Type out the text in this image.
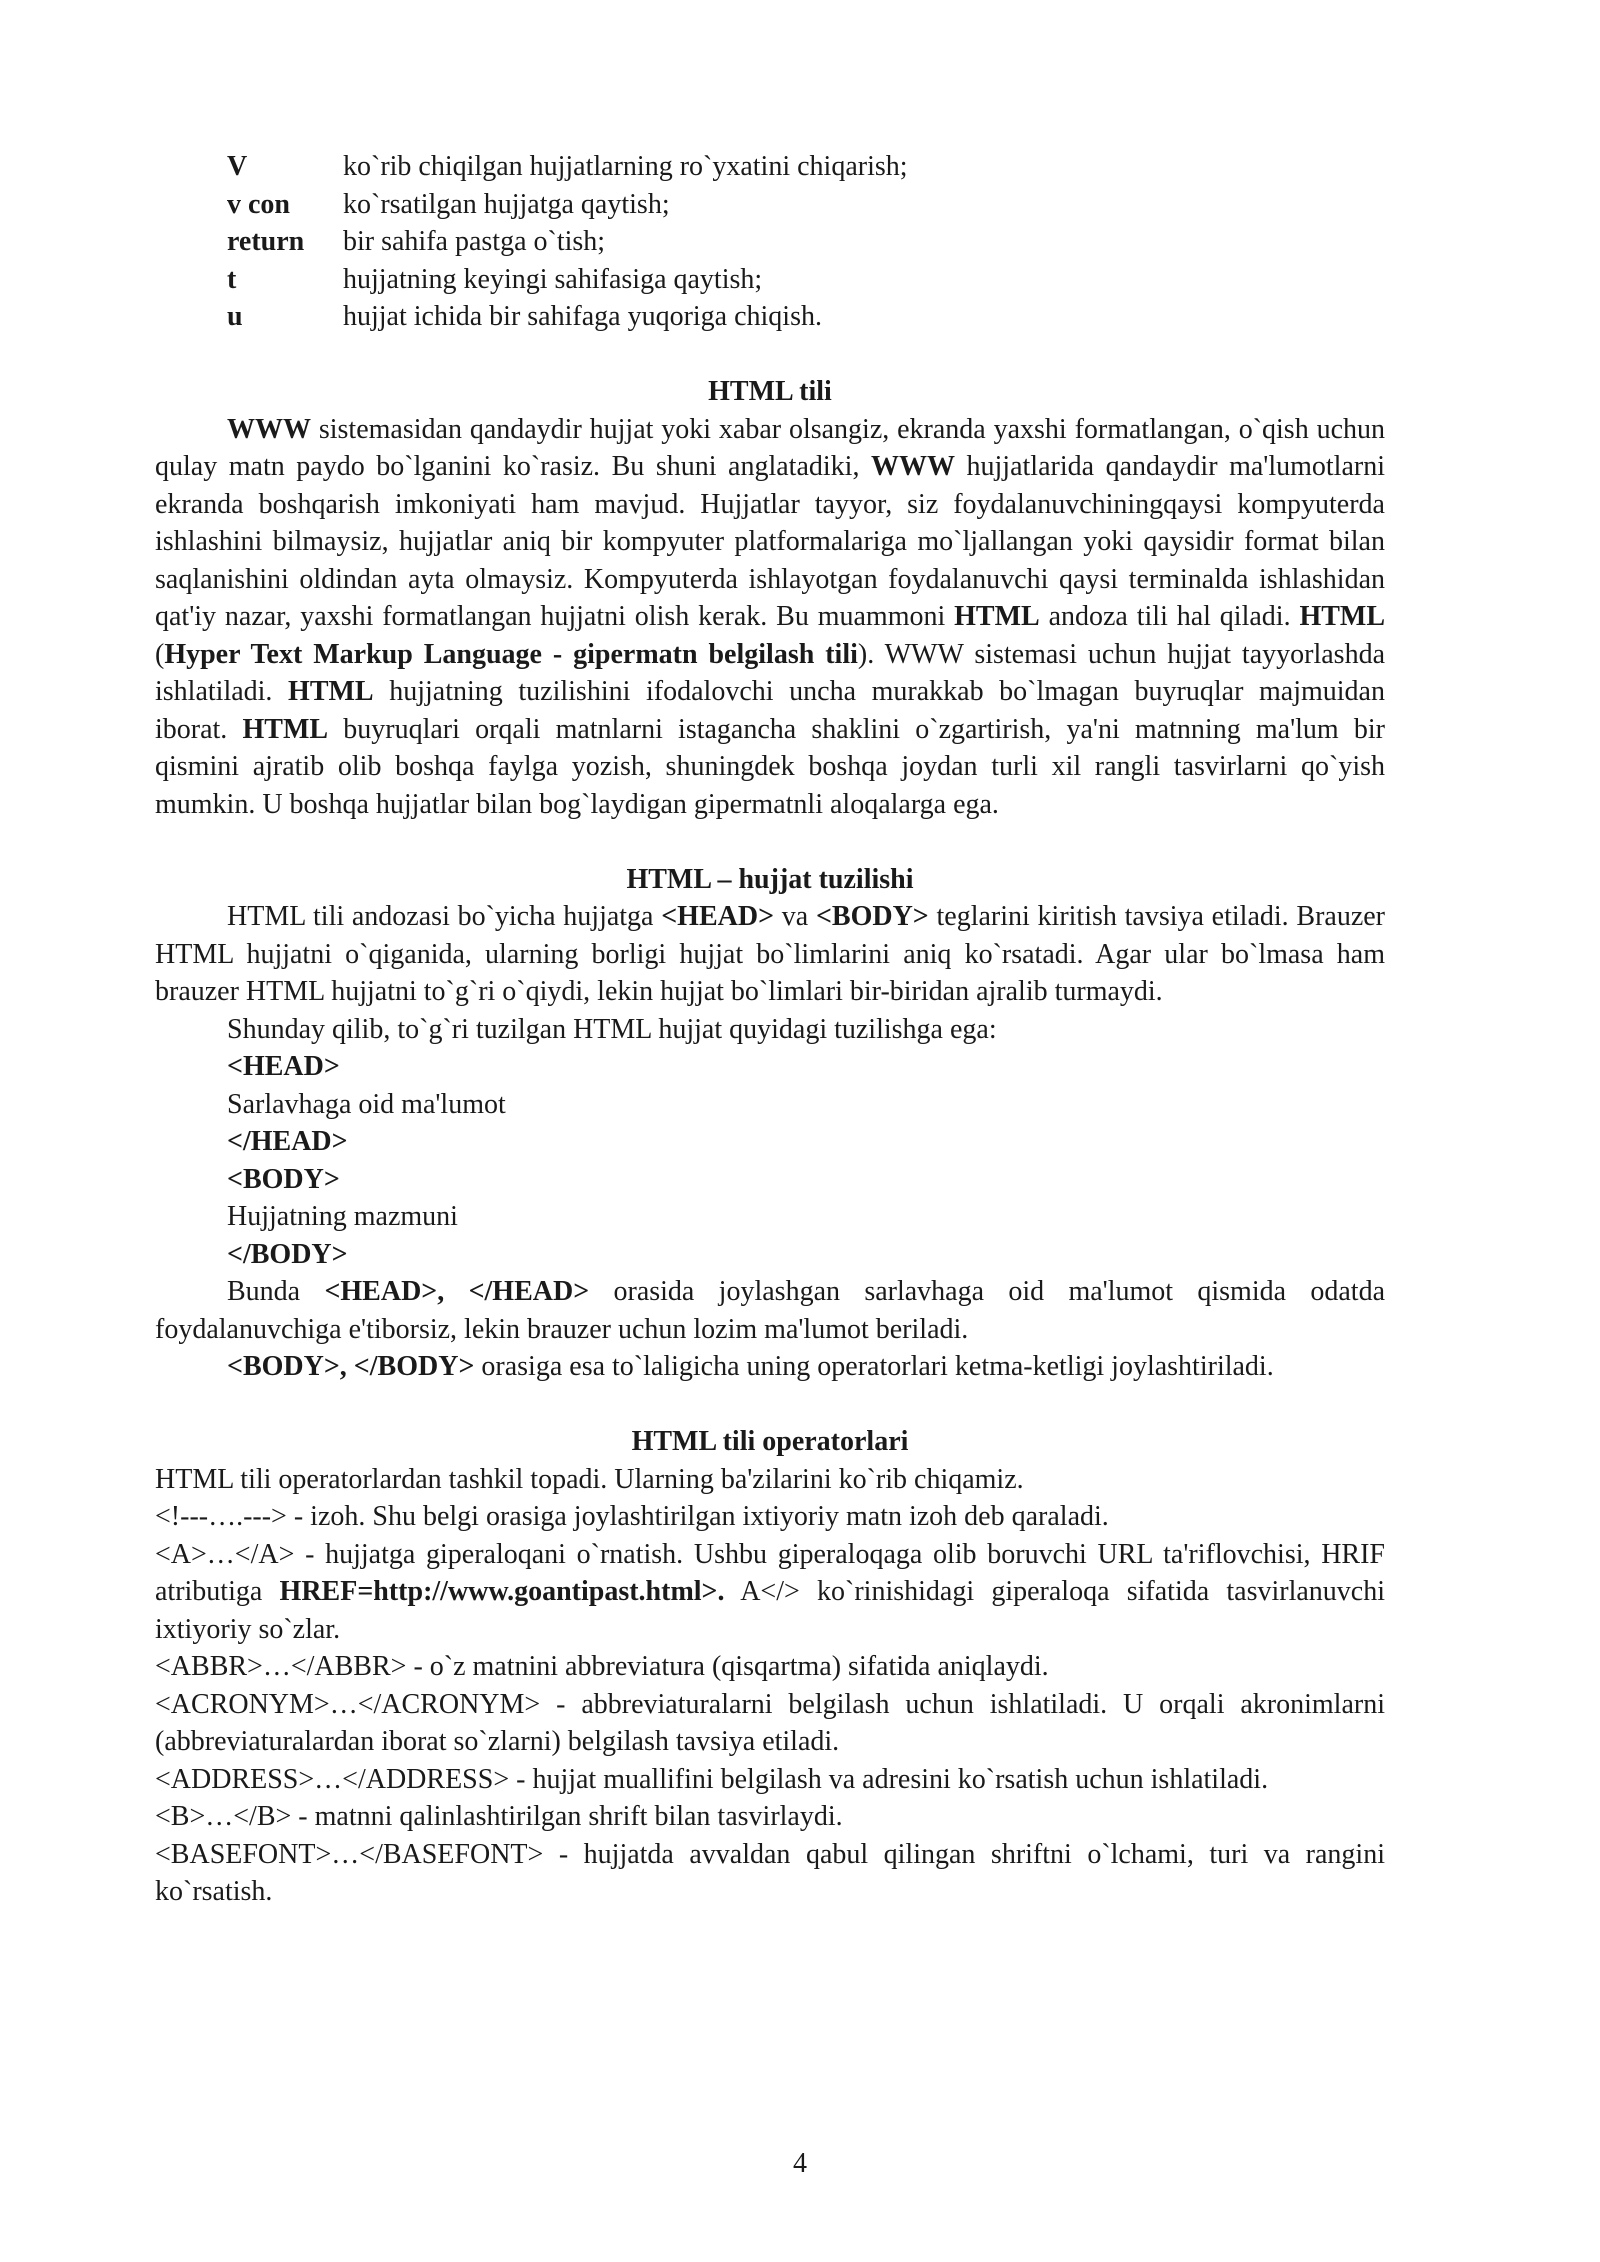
V	ko`rib chiqilgan hujjatlarning ro`yxatini chiqarish;
v con	ko`rsatilgan hujjatga qaytish;
return	bir sahifa pastga o`tish;
t	hujjatning keyingi sahifasiga qaytish;
u	hujjat ichida bir sahifaga yuqoriga chiqish.
HTML tili

WWW sistemasidan qandaydir hujjat yoki xabar olsangiz, ekranda yaxshi formatlangan, o`qish uchun qulay matn paydo bo`lganini ko`rasiz. Bu shuni anglatadiki, WWW hujjatlarida qandaydir ma'lumotlarni ekranda boshqarish imkoniyati ham mavjud. Hujjatlar tayyor, siz foydalanuvchiningqaysi kompyuterda ishlashini bilmaysiz, hujjatlar aniq bir kompyuter platformalariga mo`ljallangan yoki qaysidir format bilan saqlanishini oldindan ayta olmaysiz. Kompyuterda ishlayotgan foydalanuvchi qaysi terminalda ishlashidan qat'iy nazar, yaxshi formatlangan hujjatni olish kerak. Bu muammoni HTML andoza tili hal qiladi. HTML (Hyper Text Markup Language - gipermatn belgilash tili). WWW sistemasi uchun hujjat tayyorlashda ishlatiladi. HTML hujjatning tuzilishini ifodalovchi uncha murakkab bo`lmagan buyruqlar majmuidan iborat. HTML buyruqlari orqali matnlarni istagancha shaklini o`zgartirish, ya'ni matnning ma'lum bir qismini ajratib olib boshqa faylga yozish, shuningdek boshqa joydan turli xil rangli tasvirlarni qo`yish mumkin. U boshqa hujjatlar bilan bog`laydigan gipermatnli aloqalarga ega.

HTML – hujjat tuzilishi

HTML tili andozasi bo`yicha hujjatga <HEAD> va <BODY> teglarini kiritish tavsiya etiladi. Brauzer HTML hujjatni o`qiganida, ularning borligi hujjat bo`limlarini aniq ko`rsatadi. Agar ular bo`lmasa ham brauzer HTML hujjatni to`g`ri o`qiydi, lekin hujjat bo`limlari bir-biridan ajralib turmaydi.

Shunday qilib, to`g`ri tuzilgan HTML hujjat quyidagi tuzilishga ega:

<HEAD>

Sarlavhaga oid ma'lumot

</HEAD>

<BODY>

Hujjatning mazmuni

</BODY>

Bunda <HEAD>, </HEAD> orasida joylashgan sarlavhaga oid ma'lumot qismida odatda foydalanuvchiga e'tiborsiz, lekin brauzer uchun lozim ma'lumot beriladi.

<BODY>, </BODY> orasiga esa to`laligicha uning operatorlari ketma-ketligi joylashtiriladi.

HTML tili operatorlari

HTML tili operatorlardan tashkil topadi. Ularning ba'zilarini ko`rib chiqamiz.

<!---….---> - izoh. Shu belgi orasiga joylashtirilgan ixtiyoriy matn izoh deb qaraladi.

<A>…</A> - hujjatga giperaloqani o`rnatish. Ushbu giperaloqaga olib boruvchi URL ta'riflovchisi, HRIF atributiga HREF=http://www.goantipast.html>. A</> ko`rinishidagi giperaloqa sifatida tasvirlanuvchi ixtiyoriy so`zlar.

<ABBR>…</ABBR> - o`z matnini abbreviatura (qisqartma) sifatida aniqlaydi.

<ACRONYM>…</ACRONYM> - abbreviaturalarni belgilash uchun ishlatiladi. U orqali akronimlarni (abbreviaturalardan iborat so`zlarni) belgilash tavsiya etiladi.

<ADDRESS>…</ADDRESS> - hujjat muallifini belgilash va adresini ko`rsatish uchun ishlatiladi.

<B>…</B> - matnni qalinlashtirilgan shrift bilan tasvirlaydi.

<BASEFONT>…</BASEFONT> - hujjatda avvaldan qabul qilingan shriftni o`lchami, turi va rangini ko`rsatish.

4
